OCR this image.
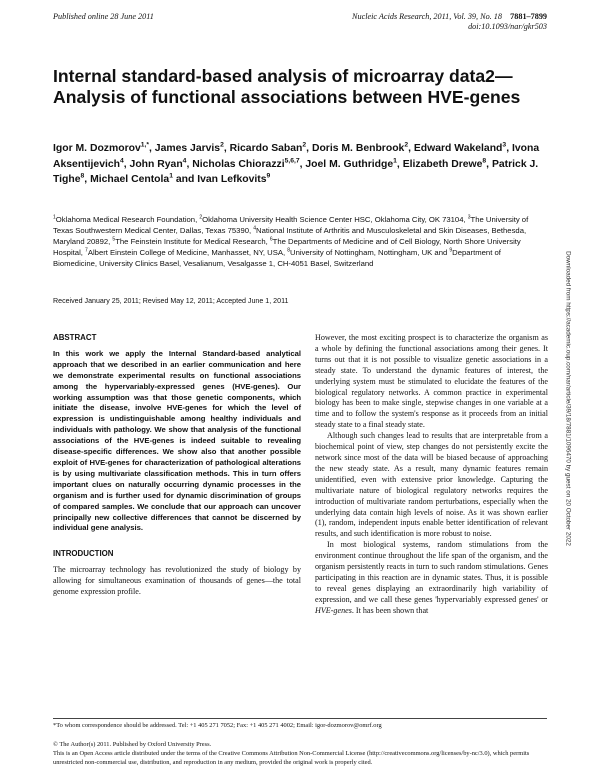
Published online 28 June 2011	Nucleic Acids Research, 2011, Vol. 39, No. 18 7881–7899
doi:10.1093/nar/gkr503
Internal standard-based analysis of microarray data2—Analysis of functional associations between HVE-genes
Igor M. Dozmorov$^{1,*}$, James Jarvis$^2$, Ricardo Saban$^2$, Doris M. Benbrook$^2$, Edward Wakeland$^3$, Ivona Aksentijevich$^4$, John Ryan$^4$, Nicholas Chiorazzi$^{5,6,7}$, Joel M. Guthridge$^1$, Elizabeth Drewe$^8$, Patrick J. Tighe$^8$, Michael Centola$^1$ and Ivan Lefkovits$^9$
$^1$Oklahoma Medical Research Foundation, $^2$Oklahoma University Health Science Center HSC, Oklahoma City, OK 73104, $^3$The University of Texas Southwestern Medical Center, Dallas, Texas 75390, $^4$National Institute of Arthritis and Musculoskeletal and Skin Diseases, Bethesda, Maryland 20892, $^5$The Feinstein Institute for Medical Research, $^6$The Departments of Medicine and of Cell Biology, North Shore University Hospital, $^7$Albert Einstein College of Medicine, Manhasset, NY, USA, $^8$University of Nottingham, Nottingham, UK and $^9$Department of Biomedicine, University Clinics Basel, Vesalianum, Vesalgasse 1, CH-4051 Basel, Switzerland
Received January 25, 2011; Revised May 12, 2011; Accepted June 1, 2011	Downloaded from https://academic.oup.com/nar/article/39/18/7881/1096470 by guest on 20 October 2022
ABSTRACT

In this work we apply the Internal Standard-based analytical approach that we described in an earlier communication and here we demonstrate experimental results on functional associations among the hypervariably-expressed genes (HVE-genes). Our working assumption was that those genetic components, which initiate the disease, involve HVE-genes for which the level of expression is undistinguishable among healthy individuals and individuals with pathology. We show that analysis of the functional associations of the HVE-genes is indeed suitable to revealing disease-specific differences. We show also that another possible exploit of HVE-genes for characterization of pathological alterations is by using multivariate classification methods. This in turn offers important clues on naturally occurring dynamic processes in the organism and is further used for dynamic discrimination of groups of compared samples. We conclude that our approach can uncover principally new collective differences that cannot be discerned by individual gene analysis.

INTRODUCTION

The microarray technology has revolutionized the study of biology by allowing for simultaneous examination of thousands of genes—the total genome expression profile.

However, the most exciting prospect is to characterize the organism as a whole by defining the functional associations among their genes. It turns out that it is not possible to visualize genetic associations in a steady state. To understand the dynamic features of interest, the underlying system must be stimulated to elucidate the features of the biological regulatory networks. A common practice in experimental biology has been to make single, stepwise changes in one variable at a time and to follow the system's response as it proceeds from an initial steady state to a final steady state.

Although such changes lead to results that are interpretable from a biochemical point of view, step changes do not persistently excite the network since most of the data will be biased because of approaching the new steady state. As a result, many dynamic features remain unidentified, even with extensive prior knowledge. Capturing the multivariate nature of biological regulatory networks requires the introduction of multivariate random perturbations, especially when the underlying data contain high levels of noise. As it was shown earlier (1), random, independent inputs enable better identification of relevant results, and such identification is more robust to noise.

In most biological systems, random stimulations from the environment continue throughout the life span of the organism, and the organism persistently reacts in turn to such random stimulations. Genes participating in this reaction are in dynamic states. Thus, it is possible to reveal genes displaying an extraordinarily high variability of expression, and we call these genes 'hypervariably expressed genes' or HVE-genes. It has been shown that

*To whom correspondence should be addressed. Tel: +1 405 271 7052; Fax: +1 405 271 4002; Email: igor-dozmorov@omrf.org
© The Author(s) 2011. Published by Oxford University Press.
This is an Open Access article distributed under the terms of the Creative Commons Attribution Non-Commercial License (http://creativecommons.org/licenses/by-nc/3.0), which permits unrestricted non-commercial use, distribution, and reproduction in any medium, provided the original work is properly cited.
